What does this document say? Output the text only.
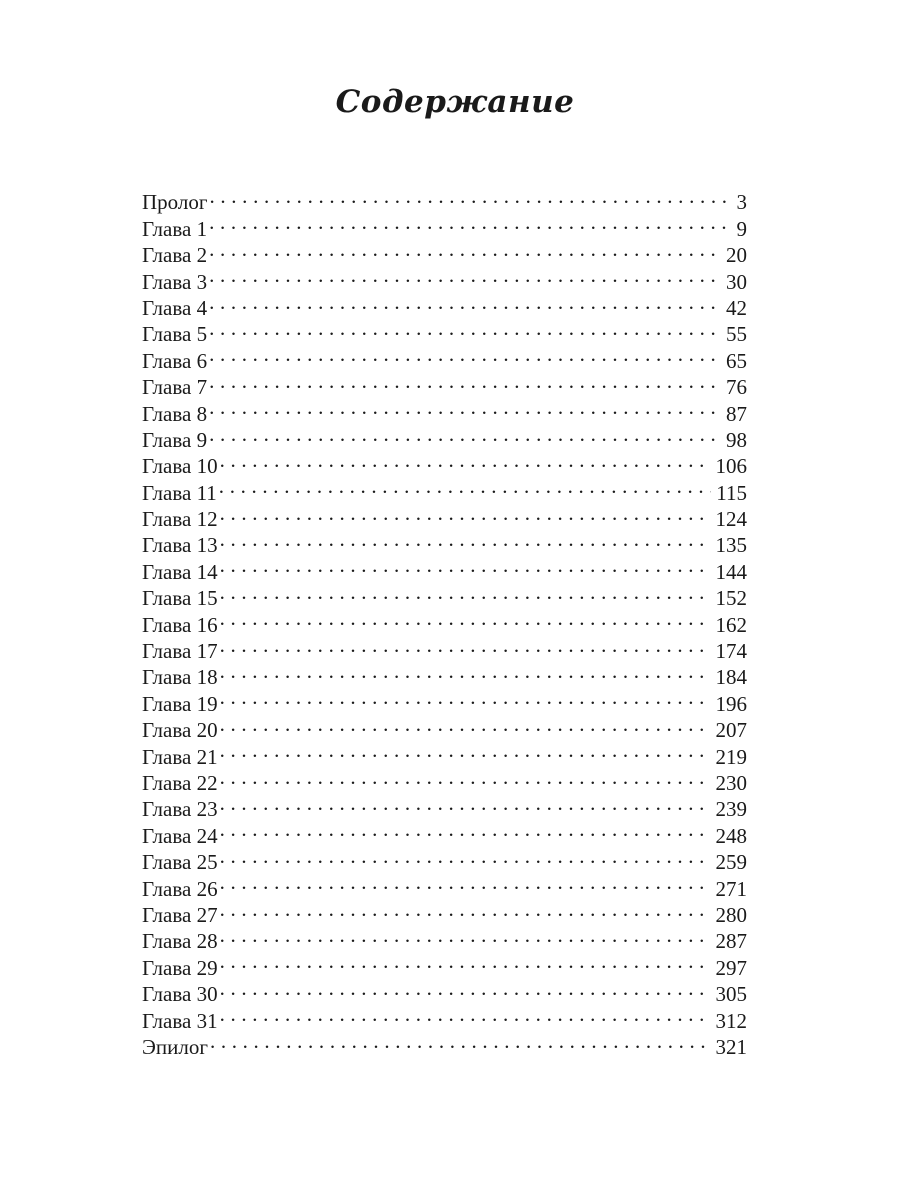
Содержание
Пролог . . .	3
Глава 1 . . .	9
Глава 2 . . .	20
Глава 3 . . .	30
Глава 4 . . .	42
Глава 5 . . .	55
Глава 6 . . .	65
Глава 7 . . .	76
Глава 8 . . .	87
Глава 9 . . .	98
Глава 10 . . .	106
Глава 11 . . .	115
Глава 12 . . .	124
Глава 13 . . .	135
Глава 14 . . .	144
Глава 15 . . .	152
Глава 16 . . .	162
Глава 17 . . .	174
Глава 18 . . .	184
Глава 19 . . .	196
Глава 20 . . .	207
Глава 21 . . .	219
Глава 22 . . .	230
Глава 23 . . .	239
Глава 24 . . .	248
Глава 25 . . .	259
Глава 26 . . .	271
Глава 27 . . .	280
Глава 28 . . .	287
Глава 29 . . .	297
Глава 30 . . .	305
Глава 31 . . .	312
Эпилог . . .	321
